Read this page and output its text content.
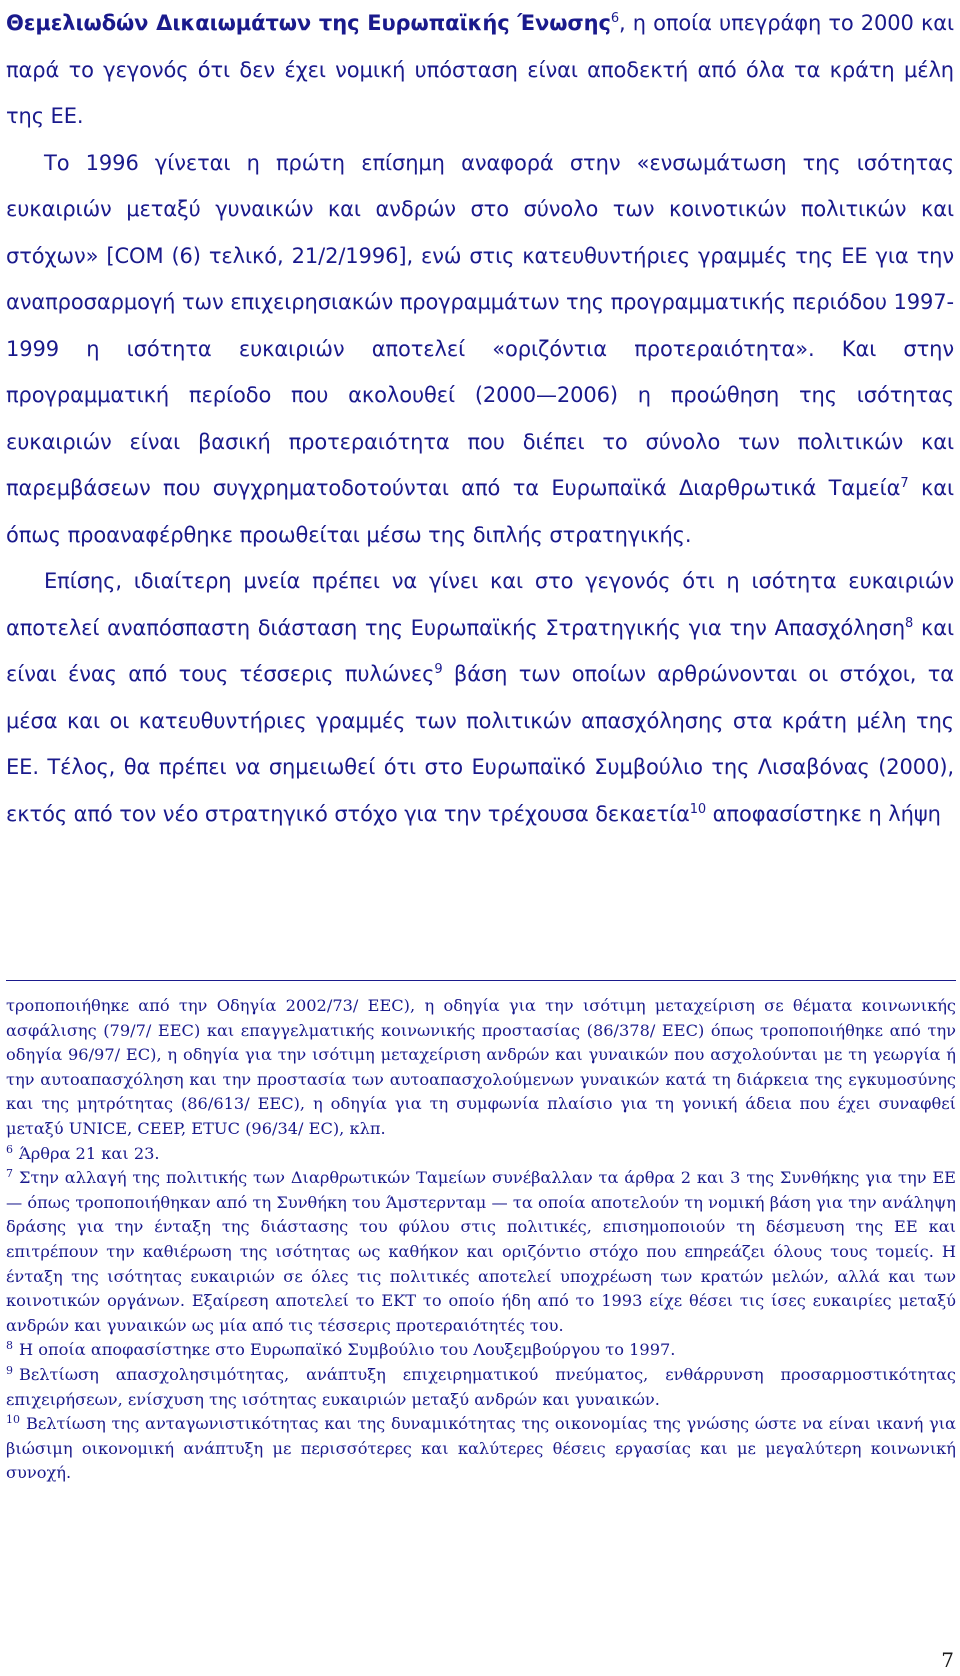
Θεμελιωδών Δικαιωμάτων της Ευρωπαϊκής Ένωσης$^6$, η οποία υπεγράφη το 2000 και παρά το γεγονός ότι δεν έχει νομική υπόσταση είναι αποδεκτή από όλα τα κράτη μέλη της ΕΕ.

Το 1996 γίνεται η πρώτη επίσημη αναφορά στην «ενσωμάτωση της ισότητας ευκαιριών μεταξύ γυναικών και ανδρών στο σύνολο των κοινοτικών πολιτικών και στόχων» [COM (6) τελικό, 21/2/1996], ενώ στις κατευθυντήριες γραμμές της ΕΕ για την αναπροσαρμογή των επιχειρησιακών προγραμμάτων της προγραμματικής περιόδου 1997-1999 η ισότητα ευκαιριών αποτελεί «οριζόντια προτεραιότητα». Και στην προγραμματική περίοδο που ακολουθεί (2000—2006) η προώθηση της ισότητας ευκαιριών είναι βασική προτεραιότητα που διέπει το σύνολο των πολιτικών και παρεμβάσεων που συγχρηματοδοτούνται από τα Ευρωπαϊκά Διαρθρωτικά Ταμεία$^7$ και όπως προαναφέρθηκε προωθείται μέσω της διπλής στρατηγικής.

Επίσης, ιδιαίτερη μνεία πρέπει να γίνει και στο γεγονός ότι η ισότητα ευκαιριών αποτελεί αναπόσπαστη διάσταση της Ευρωπαϊκής Στρατηγικής για την Απασχόληση$^8$ και είναι ένας από τους τέσσερις πυλώνες$^9$ βάση των οποίων αρθρώνονται οι στόχοι, τα μέσα και οι κατευθυντήριες γραμμές των πολιτικών απασχόλησης στα κράτη μέλη της ΕΕ. Τέλος, θα πρέπει να σημειωθεί ότι στο Ευρωπαϊκό Συμβούλιο της Λισαβόνας (2000), εκτός από τον νέο στρατηγικό στόχο για την τρέχουσα δεκαετία$^{10}$ αποφασίστηκε η λήψη

τροποποιήθηκε από την Οδηγία 2002/73/ EEC), η οδηγία για την ισότιμη μεταχείριση σε θέματα κοινωνικής ασφάλισης (79/7/ EEC) και επαγγελματικής κοινωνικής προστασίας (86/378/ EEC) όπως τροποποιήθηκε από την οδηγία 96/97/ EC), η οδηγία για την ισότιμη μεταχείριση ανδρών και γυναικών που ασχολούνται με τη γεωργία ή την αυτοαπασχόληση και την προστασία των αυτοαπασχολούμενων γυναικών κατά τη διάρκεια της εγκυμοσύνης και της μητρότητας (86/613/ EEC), η οδηγία για τη συμφωνία πλαίσιο για τη γονική άδεια που έχει συναφθεί μεταξύ UNICE, CEEP, ETUC (96/34/ EC), κλπ.

$^6$ Άρθρα 21 και 23.

$^7$ Στην αλλαγή της πολιτικής των Διαρθρωτικών Ταμείων συνέβαλλαν τα άρθρα 2 και 3 της Συνθήκης για την ΕΕ — όπως τροποποιήθηκαν από τη Συνθήκη του Άμστερνταμ — τα οποία αποτελούν τη νομική βάση για την ανάληψη δράσης για την ένταξη της διάστασης του φύλου στις πολιτικές, επισημοποιούν τη δέσμευση της ΕΕ και επιτρέπουν την καθιέρωση της ισότητας ως καθήκον και οριζόντιο στόχο που επηρεάζει όλους τους τομείς. Η ένταξη της ισότητας ευκαιριών σε όλες τις πολιτικές αποτελεί υποχρέωση των κρατών μελών, αλλά και των κοινοτικών οργάνων. Εξαίρεση αποτελεί το ΕΚΤ το οποίο ήδη από το 1993 είχε θέσει τις ίσες ευκαιρίες μεταξύ ανδρών και γυναικών ως μία από τις τέσσερις προτεραιότητές του.

$^8$ Η οποία αποφασίστηκε στο Ευρωπαϊκό Συμβούλιο του Λουξεμβούργου το 1997.

$^9$ Βελτίωση απασχολησιμότητας, ανάπτυξη επιχειρηματικού πνεύματος, ενθάρρυνση προσαρμοστικότητας επιχειρήσεων, ενίσχυση της ισότητας ευκαιριών μεταξύ ανδρών και γυναικών.

$^{10}$ Βελτίωση της ανταγωνιστικότητας και της δυναμικότητας της οικονομίας της γνώσης ώστε να είναι ικανή για βιώσιμη οικονομική ανάπτυξη με περισσότερες και καλύτερες θέσεις εργασίας και με μεγαλύτερη κοινωνική συνοχή.

7
